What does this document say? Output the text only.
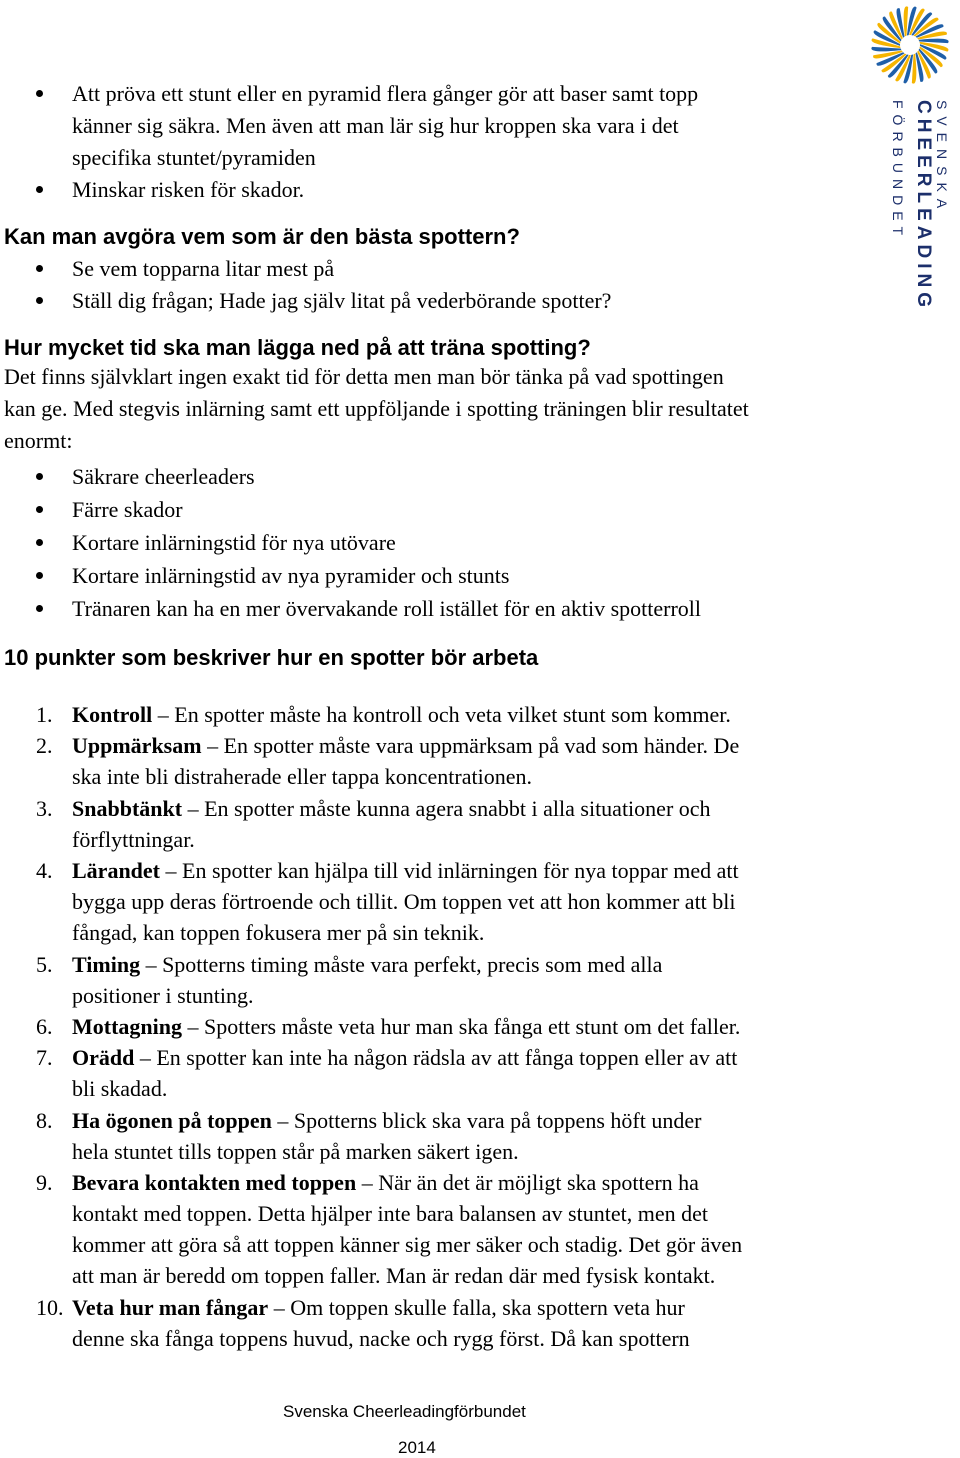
SVENSKA
CHEERLEADING
FÖRBUNDET
Att pröva ett stunt eller en pyramid flera gånger gör att baser samt topp
känner sig säkra. Men även att man lär sig hur kroppen ska vara i det
specifika stuntet/pyramiden
Minskar risken för skador.
Kan man avgöra vem som är den bästa spottern?
Se vem topparna litar mest på
Ställ dig frågan; Hade jag själv litat på vederbörande spotter?
Hur mycket tid ska man lägga ned på att träna spotting?
Det finns självklart ingen exakt tid för detta men man bör tänka på vad spottingen
kan ge. Med stegvis inlärning samt ett uppföljande i spotting träningen blir resultatet
enormt:
Säkrare cheerleaders
Färre skador
Kortare inlärningstid för nya utövare
Kortare inlärningstid av nya pyramider och stunts
Tränaren kan ha en mer övervakande roll istället för en aktiv spotterroll
10 punkter som beskriver hur en spotter bör arbeta
1. Kontroll – En spotter måste ha kontroll och veta vilket stunt som kommer.
2. Uppmärksam – En spotter måste vara uppmärksam på vad som händer. De
ska inte bli distraherade eller tappa koncentrationen.
3. Snabbtänkt – En spotter måste kunna agera snabbt i alla situationer och
förflyttningar.
4. Lärandet – En spotter kan hjälpa till vid inlärningen för nya toppar med att
bygga upp deras förtroende och tillit. Om toppen vet att hon kommer att bli
fångad, kan toppen fokusera mer på sin teknik.
5. Timing – Spotterns timing måste vara perfekt, precis som med alla
positioner i stunting.
6. Mottagning – Spotters måste veta hur man ska fånga ett stunt om det faller.
7. Orädd – En spotter kan inte ha någon rädsla av att fånga toppen eller av att
bli skadad.
8. Ha ögonen på toppen – Spotterns blick ska vara på toppens höft under
hela stuntet tills toppen står på marken säkert igen.
9. Bevara kontakten med toppen – När än det är möjligt ska spottern ha
kontakt med toppen. Detta hjälper inte bara balansen av stuntet, men det
kommer att göra så att toppen känner sig mer säker och stadig. Det gör även
att man är beredd om toppen faller. Man är redan där med fysisk kontakt.
10. Veta hur man fångar – Om toppen skulle falla, ska spottern veta hur
denne ska fånga toppens huvud, nacke och rygg först. Då kan spottern
Svenska Cheerleadingförbundet
2014
